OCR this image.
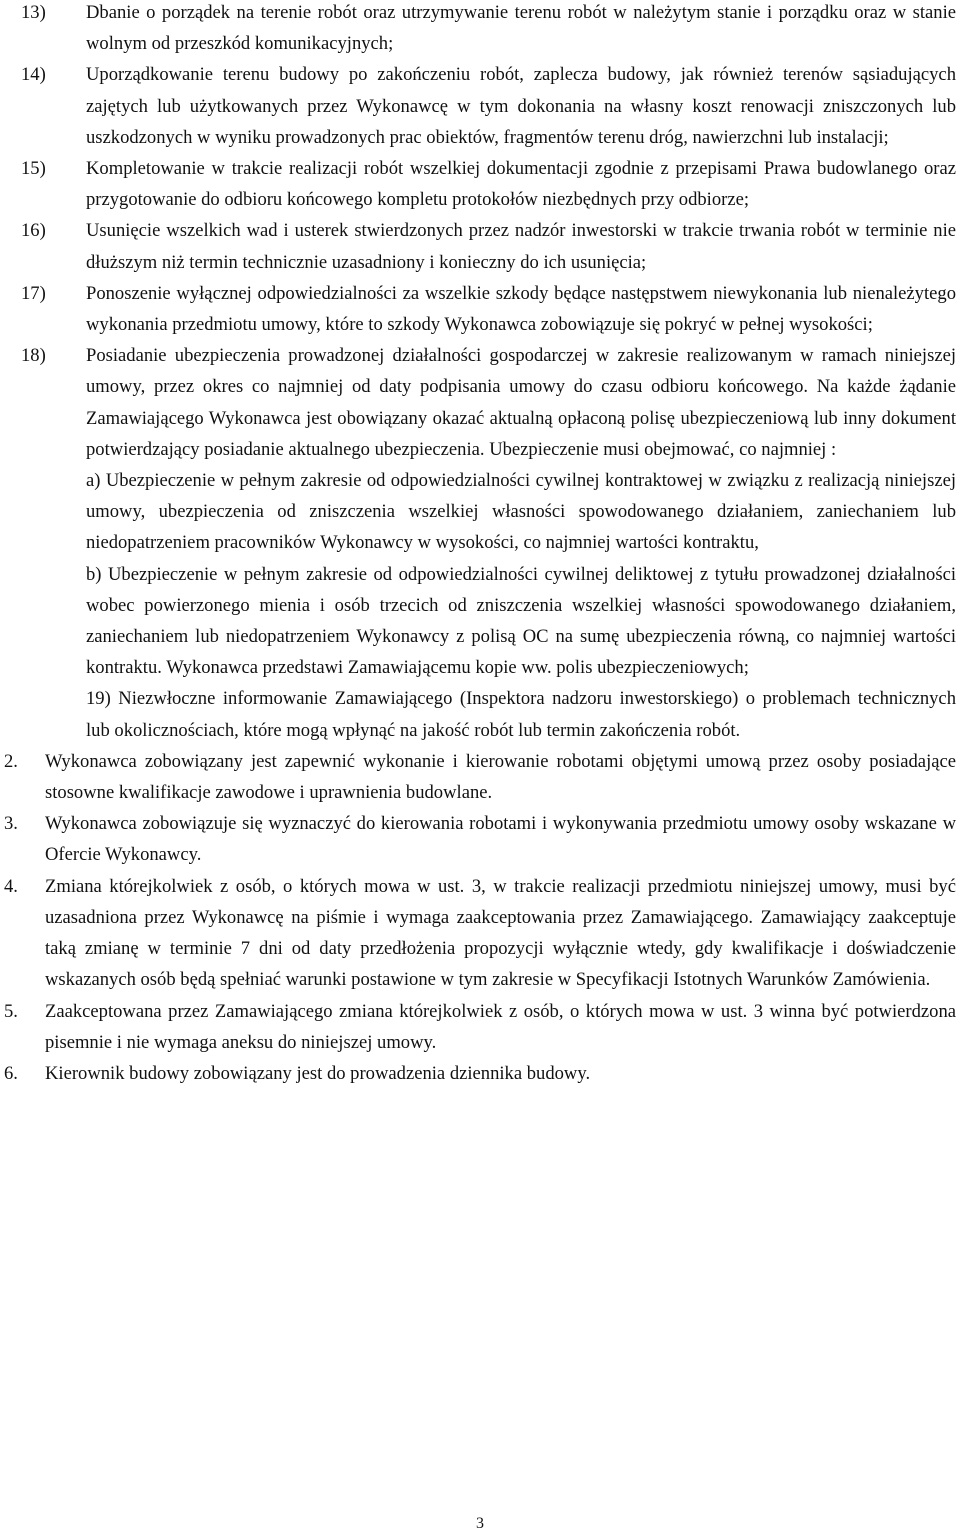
13) Dbanie o porządek na terenie robót oraz utrzymywanie terenu robót w należytym stanie i porządku oraz w stanie wolnym od przeszkód komunikacyjnych;
14) Uporządkowanie terenu budowy po zakończeniu robót, zaplecza budowy, jak również terenów sąsiadujących zajętych lub użytkowanych przez Wykonawcę w tym dokonania na własny koszt renowacji zniszczonych lub uszkodzonych w wyniku prowadzonych prac obiektów, fragmentów terenu dróg, nawierzchni lub instalacji;
15) Kompletowanie w trakcie realizacji robót wszelkiej dokumentacji zgodnie z przepisami Prawa budowlanego oraz przygotowanie do odbioru końcowego kompletu protokołów niezbędnych przy odbiorze;
16) Usunięcie wszelkich wad i usterek stwierdzonych przez nadzór inwestorski w trakcie trwania robót w terminie nie dłuższym niż termin technicznie uzasadniony i konieczny do ich usunięcia;
17) Ponoszenie wyłącznej odpowiedzialności za wszelkie szkody będące następstwem niewykonania lub nienależytego wykonania przedmiotu umowy, które to szkody Wykonawca zobowiązuje się pokryć w pełnej wysokości;
18) Posiadanie ubezpieczenia prowadzonej działalności gospodarczej w zakresie realizowanym w ramach niniejszej umowy, przez okres co najmniej od daty podpisania umowy do czasu odbioru końcowego. Na każde żądanie Zamawiającego Wykonawca jest obowiązany okazać aktualną opłaconą polisę ubezpieczeniową lub inny dokument potwierdzający posiadanie aktualnego ubezpieczenia. Ubezpieczenie musi obejmować, co najmniej :
a) Ubezpieczenie w pełnym zakresie od odpowiedzialności cywilnej kontraktowej w związku z realizacją niniejszej umowy, ubezpieczenia od zniszczenia wszelkiej własności spowodowanego działaniem, zaniechaniem lub niedopatrzeniem pracowników Wykonawcy w wysokości, co najmniej wartości kontraktu,
b) Ubezpieczenie w pełnym zakresie od odpowiedzialności cywilnej deliktowej z tytułu prowadzonej działalności wobec powierzonego mienia i osób trzecich od zniszczenia wszelkiej własności spowodowanego działaniem, zaniechaniem lub niedopatrzeniem Wykonawcy z polisą OC na sumę ubezpieczenia równą, co najmniej wartości kontraktu. Wykonawca przedstawi Zamawiającemu kopie ww. polis ubezpieczeniowych;
19) Niezwłoczne informowanie Zamawiającego (Inspektora nadzoru inwestorskiego) o problemach technicznych lub okolicznościach, które mogą wpłynąć na jakość robót lub termin zakończenia robót.
2. Wykonawca zobowiązany jest zapewnić wykonanie i kierowanie robotami objętymi umową przez osoby posiadające stosowne kwalifikacje zawodowe i uprawnienia budowlane.
3. Wykonawca zobowiązuje się wyznaczyć do kierowania robotami i wykonywania przedmiotu umowy osoby wskazane w Ofercie Wykonawcy.
4. Zmiana którejkolwiek z osób, o których mowa w ust. 3, w trakcie realizacji przedmiotu niniejszej umowy, musi być uzasadniona przez Wykonawcę na piśmie i wymaga zaakceptowania przez Zamawiającego. Zamawiający zaakceptuje taką zmianę w terminie 7 dni od daty przedłożenia propozycji wyłącznie wtedy, gdy kwalifikacje i doświadczenie wskazanych osób będą spełniać warunki postawione w tym zakresie w Specyfikacji Istotnych Warunków Zamówienia.
5. Zaakceptowana przez Zamawiającego zmiana którejkolwiek z osób, o których mowa w ust. 3 winna być potwierdzona pisemnie i nie wymaga aneksu do niniejszej umowy.
6. Kierownik budowy zobowiązany jest do prowadzenia dziennika budowy.
3
